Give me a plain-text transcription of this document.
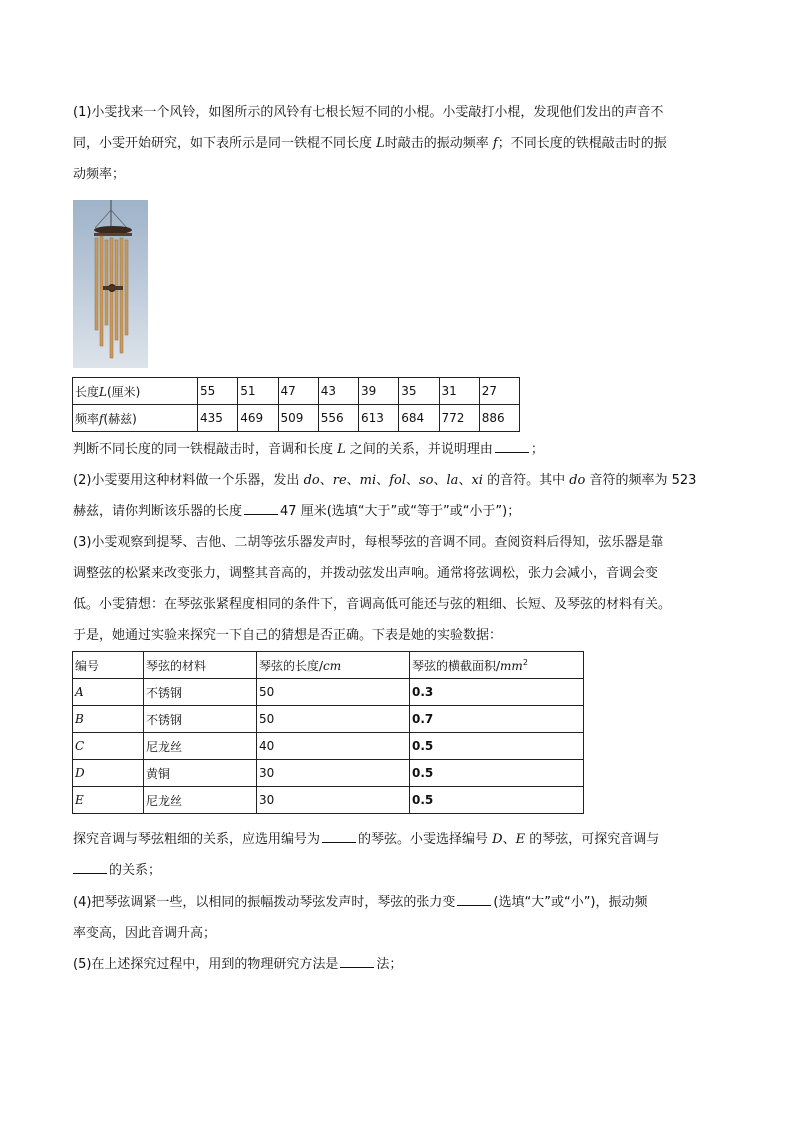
(1)小雯找来一个风铃，如图所示的风铃有七根长短不同的小棍。小雯敲打小棍，发现他们发出的声音不
同，小雯开始研究，如下表所示是同一铁棍不同长度 L时敲击的振动频率 f；不同长度的铁棍敲击时的振
动频率；
长度L(厘米)	55	51	47	43	39	35	31	27
频率f(赫兹)	435	469	509	556	613	684	772	886
判断不同长度的同一铁棍敲击时，音调和长度 L 之间的关系，并说明理由	；
(2)小雯要用这种材料做一个乐器，发出 do、re、mi、fol、so、la、xi 的音符。其中 do 音符的频率为 523
赫兹，请你判断该乐器的长度	47 厘米(选填“大于”或“等于”或“小于”)；
(3)小雯观察到提琴、吉他、二胡等弦乐器发声时，每根琴弦的音调不同。查阅资料后得知，弦乐器是靠
调整弦的松紧来改变张力，调整其音高的，并拨动弦发出声响。通常将弦调松，张力会减小，音调会变
低。小雯猜想：在琴弦张紧程度相同的条件下，音调高低可能还与弦的粗细、长短、及琴弦的材料有关。
于是，她通过实验来探究一下自己的猜想是否正确。下表是她的实验数据：
编号	琴弦的材料	琴弦的长度/cm	琴弦的横截面积$/mm^2$
A	不锈钢	50	0.3
B	不锈钢	50	0.7
C	尼龙丝	40	0.5
D	黄铜	30	0.5
E	尼龙丝	30	0.5
探究音调与琴弦粗细的关系，应选用编号为	的琴弦。小雯选择编号 D、E 的琴弦，可探究音调与
的关系；
(4)把琴弦调紧一些，以相同的振幅拨动琴弦发声时，琴弦的张力变	(选填“大”或“小”)，振动频
率变高，因此音调升高；
(5)在上述探究过程中，用到的物理研究方法是	法；
